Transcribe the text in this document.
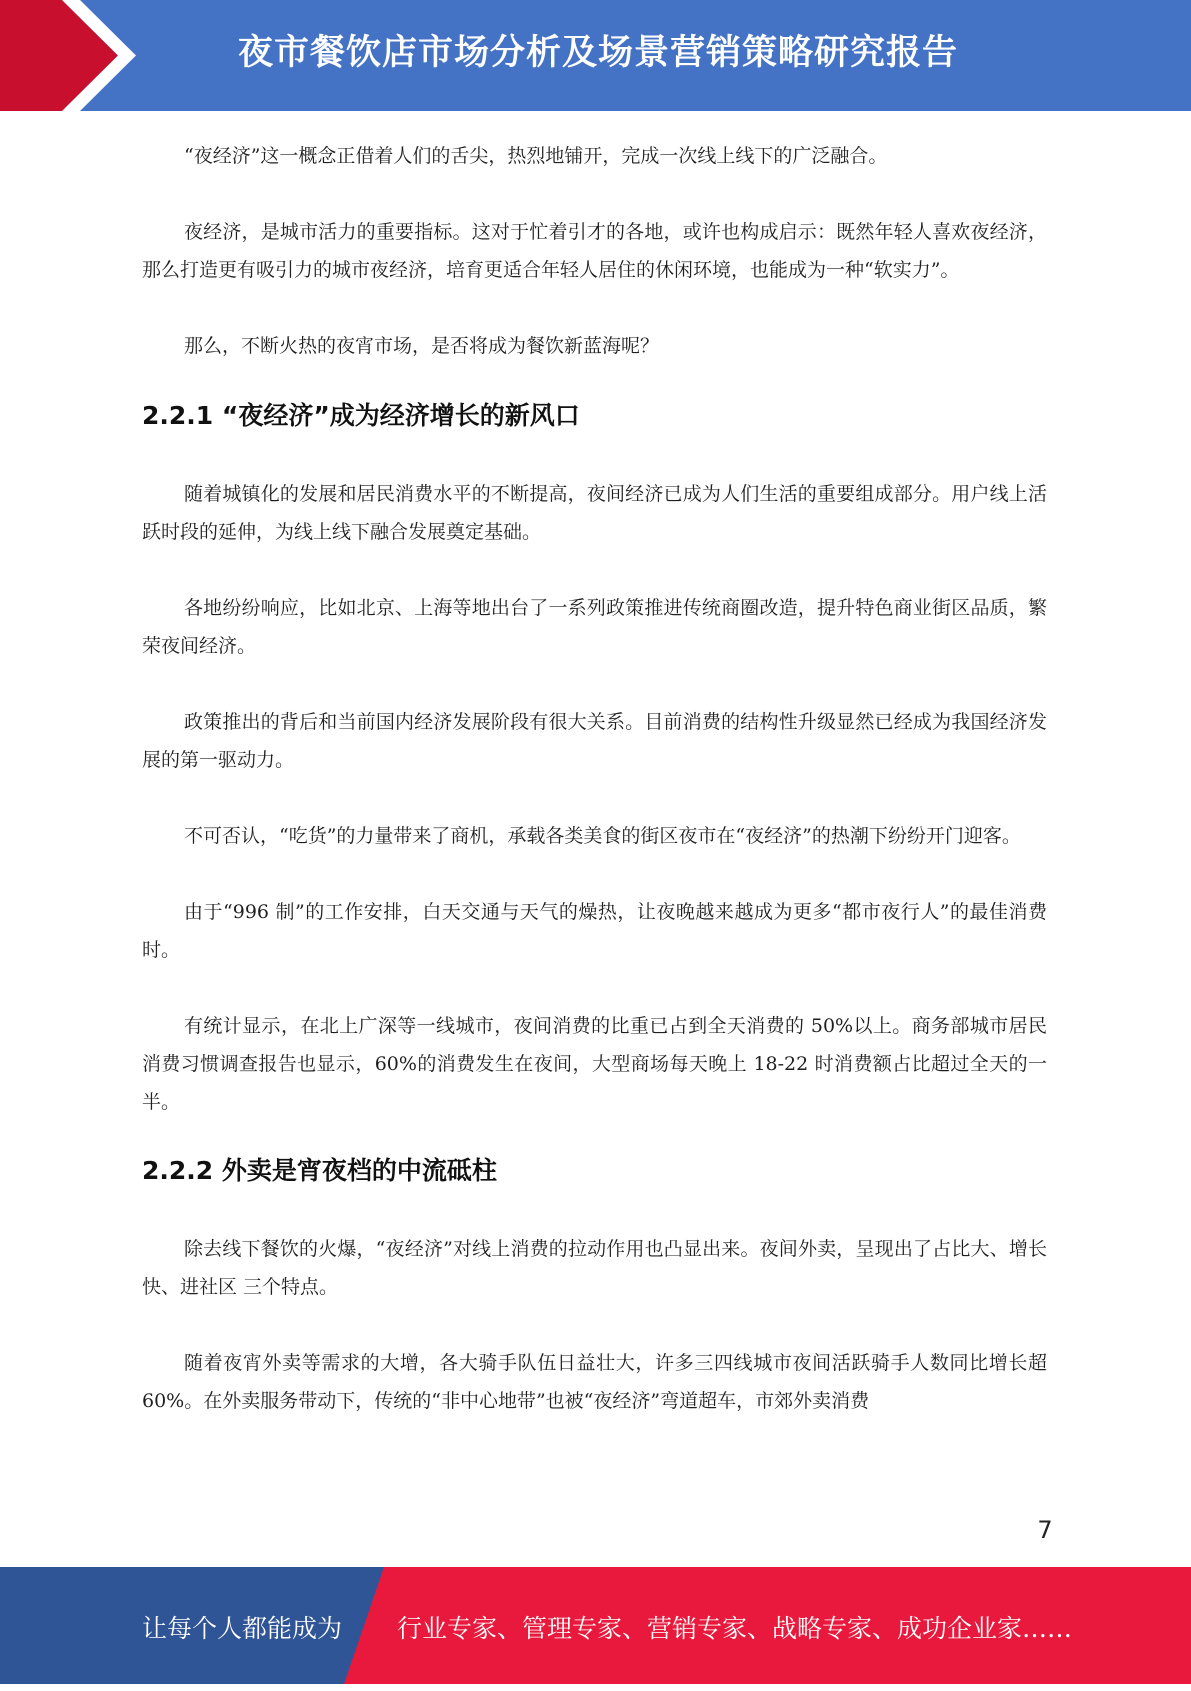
夜市餐饮店市场分析及场景营销策略研究报告

“夜经济”这一概念正借着人们的舌尖，热烈地铺开，完成一次线上线下的广泛融合。

夜经济，是城市活力的重要指标。这对于忙着引才的各地，或许也构成启示：既然年轻人喜欢夜经济，那么打造更有吸引力的城市夜经济，培育更适合年轻人居住的休闲环境，也能成为一种“软实力”。

那么，不断火热的夜宵市场，是否将成为餐饮新蓝海呢？

2.2.1 “夜经济”成为经济增长的新风口

随着城镇化的发展和居民消费水平的不断提高，夜间经济已成为人们生活的重要组成部分。用户线上活跃时段的延伸，为线上线下融合发展奠定基础。

各地纷纷响应，比如北京、上海等地出台了一系列政策推进传统商圈改造，提升特色商业街区品质，繁荣夜间经济。

政策推出的背后和当前国内经济发展阶段有很大关系。目前消费的结构性升级显然已经成为我国经济发展的第一驱动力。

不可否认，“吃货”的力量带来了商机，承载各类美食的街区夜市在“夜经济”的热潮下纷纷开门迎客。

由于“996 制”的工作安排，白天交通与天气的燥热，让夜晚越来越成为更多“都市夜行人”的最佳消费时。

有统计显示，在北上广深等一线城市，夜间消费的比重已占到全天消费的 50%以上。商务部城市居民消费习惯调查报告也显示，60%的消费发生在夜间，大型商场每天晚上 18-22 时消费额占比超过全天的一半。

2.2.2 外卖是宵夜档的中流砥柱

除去线下餐饮的火爆，“夜经济”对线上消费的拉动作用也凸显出来。夜间外卖，呈现出了占比大、增长快、进社区 三个特点。

随着夜宵外卖等需求的大增，各大骑手队伍日益壮大，许多三四线城市夜间活跃骑手人数同比增长超 60%。在外卖服务带动下，传统的“非中心地带”也被“夜经济”弯道超车，市郊外卖消费

7
让每个人都能成为 行业专家、管理专家、营销专家、战略专家、成功企业家……
